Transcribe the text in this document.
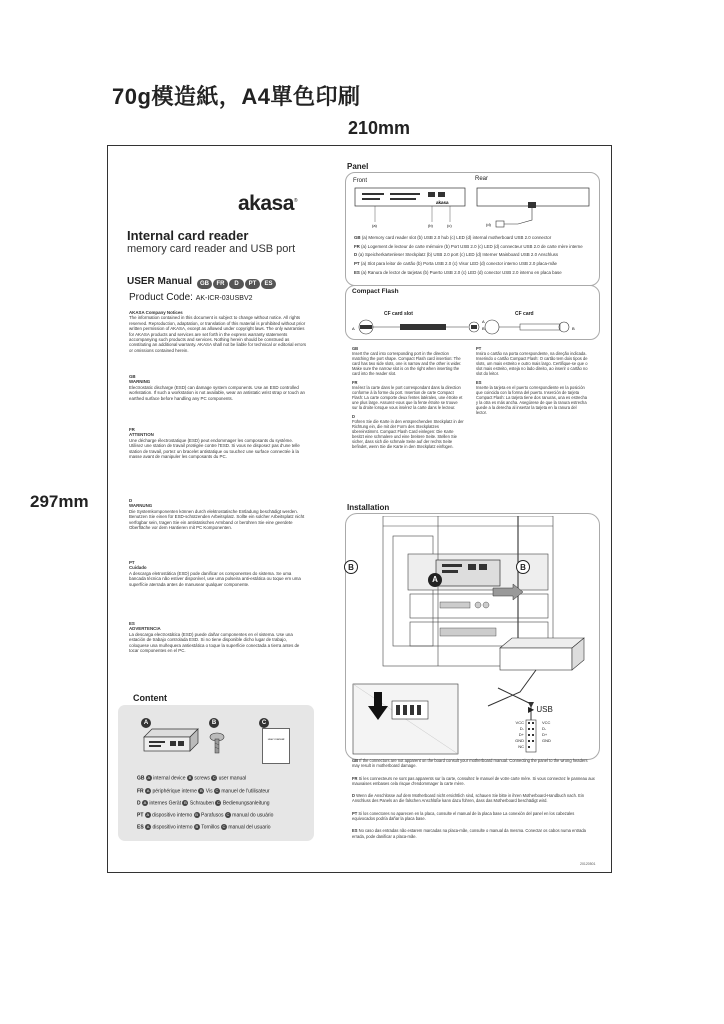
70g模造紙，A4單色印刷
210mm
297mm
akasa®
Internal card reader
memory card reader and USB port
USER Manual	GB FR D PT ES
Product Code: AK-ICR-03USBV2
AKASA Company Notices
The information contained in this document is subject to change without notice. All rights reserved. Reproduction, adaptation, or translation of this material is prohibited without prior written permission of AKASA, except as allowed under copyright laws. The only warranties for AKASA products and services are set forth in the express warranty statements accompanying such products and services. Nothing herein should be construed as constituting an additional warranty. AKASA shall not be liable for technical or editorial errors or omissions contained herein.
GB
WARNING
Electrostatic discharge (ESD) can damage system components. Use an ESD controlled workstation. If such a workstation is not available, wear an antistatic wrist strap or touch an earthed surface before handling any PC components.
FR
ATTENTION
Une décharge électrostatique (ESD) peut endommager les composants du système. Utilisez une station de travail protégée contre l'ESD. Si vous ne disposez pas d'une telle station de travail, portez un bracelet antistatique ou touchez une surface connectée à la masse avant de manipuler les composants du PC.
D
WARNUNG
Die Systemkomponenten können durch elektrostatische Entladung beschädigt werden. Benutzen Sie einen für ESD-schützenden Arbeitsplatz. Sollte ein solcher Arbeitsplatz nicht verfügbar sein, tragen Sie ein antistatisches Armband or berühren Sie eine geerdete Oberfläche vor dem Hantieren mit PC Komponenten.
PT
Cuidado
A descarga eletrostática (ESD) pode danificar os componentes do sistema. Se uma bancada técnica não estiver disponível, use uma pulseira anti-estática ou toque em uma superfície aterrada antes de manusear qualquer componente.
ES
ADVERTENCIA
La descarga electrostática (ESD) puede dañar componentes en el sistema. Use una estación de trabajo controlada ESD. Si no tiene disponible dicho lugar de trabajo, coloquese una muñequera antiestática o toque la superficie conectada a tierra antes de tocar componentes en el PC.
Content
A	B	C
user manual
GB A internal device B screws C user manual
FR A périphérique interne B Vis C manuel de l'utilisateur
D A internes Gerät B Schrauben C Bedienungsanleitung
PT A dispositivo interno B Parafusos C manual do usuário
ES A dispositivo interno B Tornillos C manual del usuario
Panel
Front	Rear
akasa
(a)	(b)	(c)	(d)
GB (a) Memory card reader slot (b) USB 2.0 hub (c) LED (d) internal motherboard USB 2.0 connector
FR (a) Logement de lecteur de carte mémoire (b) Port USB 2.0 (c) LED (d) connecteur USB 2.0 de carte mère interne
D (a) Speicherkartenleser Steckplatz (b) USB 2.0 port (c) LED (d) Interner Mainboard USB 2.0 Anschluss
PT (a) Slot para leitor de cartão (b) Porta USB 2.0 (c) Visor LED (d) conector interno USB 2.0 placa-mãe
ES (a) Ranura de lector de tarjetas (b) Puerto USB 2.0 (c) LED (d) conector USB 2.0 interno en placa base
Compact Flash
CF card slot	CF card
A	B
A
B
GB
Insert the card into corresponding port in the direction matching the port shape. Compact Flash card insertion: The card has two side slots, one is narrow and the other is wider. Make sure the narrow slot is on the right when inserting the card into the reader slot.
FR
Insérez la carte dans le port correspondant dans la direction conforme à la forme du port. Insertion de carte Compact Flash: La carte comporte deux fentes latérales, une étroite et une plus large. Assurez-vous que la fente étroite se trouve sur la droite lorsque vous insérez la carte dans le lecteur.
D
Führen Sie die Karte in den entsprechenden Steckplatz in der Richtung ein, die mit der Form des Steckplatzes übereinstimmt. Compact Flash Card einlegen: Die Karte besitzt eine schmalere und eine breitere Seite. Stellen Sie sicher, dass sich die schmale Seite auf der rechts Seite befindet, wenn Sie die Karte in den Steckplatz einfügen.
PT
Insira o cartão na porta correspondente, na direção indicada. Inserindo o cartão Compact Flash: O cartão tem dois tipos de slots, um mais estreito e outro mais largo. Certifique-se que o slot mais estreito, esteja no lado direito, ao inserir o cartão no slot do leitor.
ES
Inserte la tarjeta en el puerto correspondiente en la posición que coincida con la forma del puerto. Inserción de tarjeta Compact Flash: La tarjeta tiene dos ranuras, una es estrecha y la otra es más ancha. Asegúrese de que la ranura estrecha quede a la derecha al insertar la tarjeta en la ranura del lector.
Installation
B	B
A
▶ USB
VCC
D-
D+
GND
NC
VCC
D-
D+
GND
GB If the connectors are not apparent on the board consult your motherboard manual. Connecting the panel to the wrong headers may result in motherboard damage.
FR Si les connecteurs ne sont pas apparents sur la carte, consultez le manuel de votre carte mère. Si vous connectez le panneau aux mauvaises embases cela risque d'endommager la carte mère.
D Wenn die Anschlüsse auf dem Motherboard nicht ersichtlich sind, schauen Sie bitte in ihren Motherboard-Handbuch nach. Ein Anschluss des Panels an die falschen Anschlüße kann dazu führen, dass das Motherboard beschädigt wird.
PT Si los conectores no aparecen en la placa, consulte el manual de la placa base La conexión del panel en los cabezales equivocados podría dañar la placa base.
ES No caso das entradas não estarem marcadas na placa-mãe, consulte o manual da mesma. Conectar os cabos numa entrada errada, pode danificar a placa-mãe.
20120501
